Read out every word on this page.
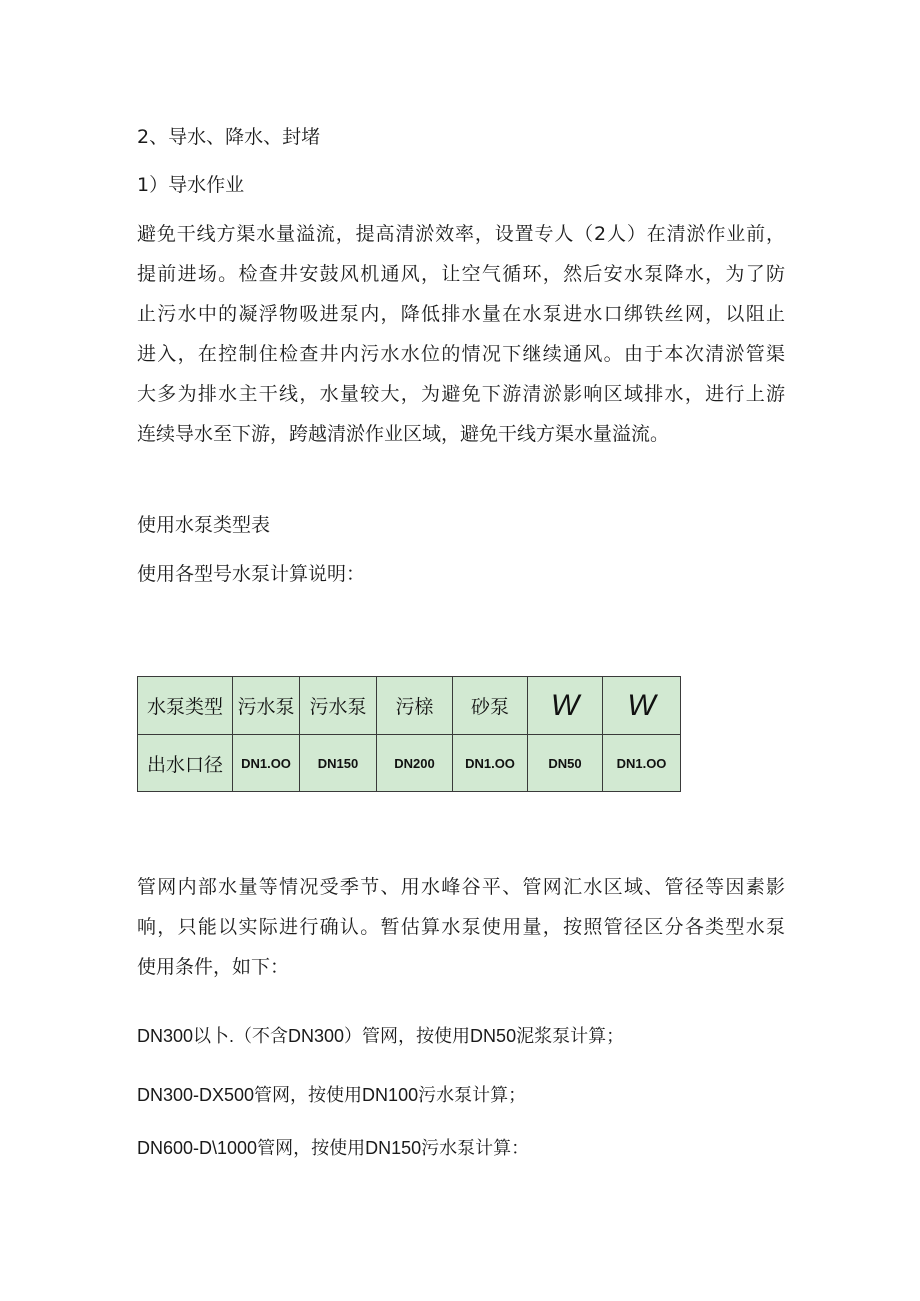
2、导水、降水、封堵
1）导水作业
避免干线方渠水量溢流，提高清淤效率，设置专人（2人）在清淤作业前，
提前进场。检查井安鼓风机通风，让空气循环，然后安水泵降水，为了防
止污水中的凝浮物吸进泵内，降低排水量在水泵进水口绑铁丝网，以阻止
进入，在控制住检查井内污水水位的情况下继续通风。由于本次清淤管渠
大多为排水主干线，水量较大，为避免下游清淤影响区域排水，进行上游
连续导水至下游，跨越清淤作业区域，避免干线方渠水量溢流。
使用水泵类型表
使用各型号水泵计算说明：
水泵类型	污水泵	污水泵	污榇	砂泵	W	W
出水口径	DN1.OO	DN150	DN200	DN1.OO	DN50	DN1.OO
管网内部水量等情况受季节、用水峰谷平、管网汇水区域、管径等因素影
响，只能以实际进行确认。暂估算水泵使用量，按照管径区分各类型水泵
使用条件，如下：
DN300以卜.（不含DN300）管网，按使用DN50泥浆泵计算；
DN300-DX500管网，按使用DN100污水泵计算；
DN600-D\1000管网，按使用DN150污水泵计算：
